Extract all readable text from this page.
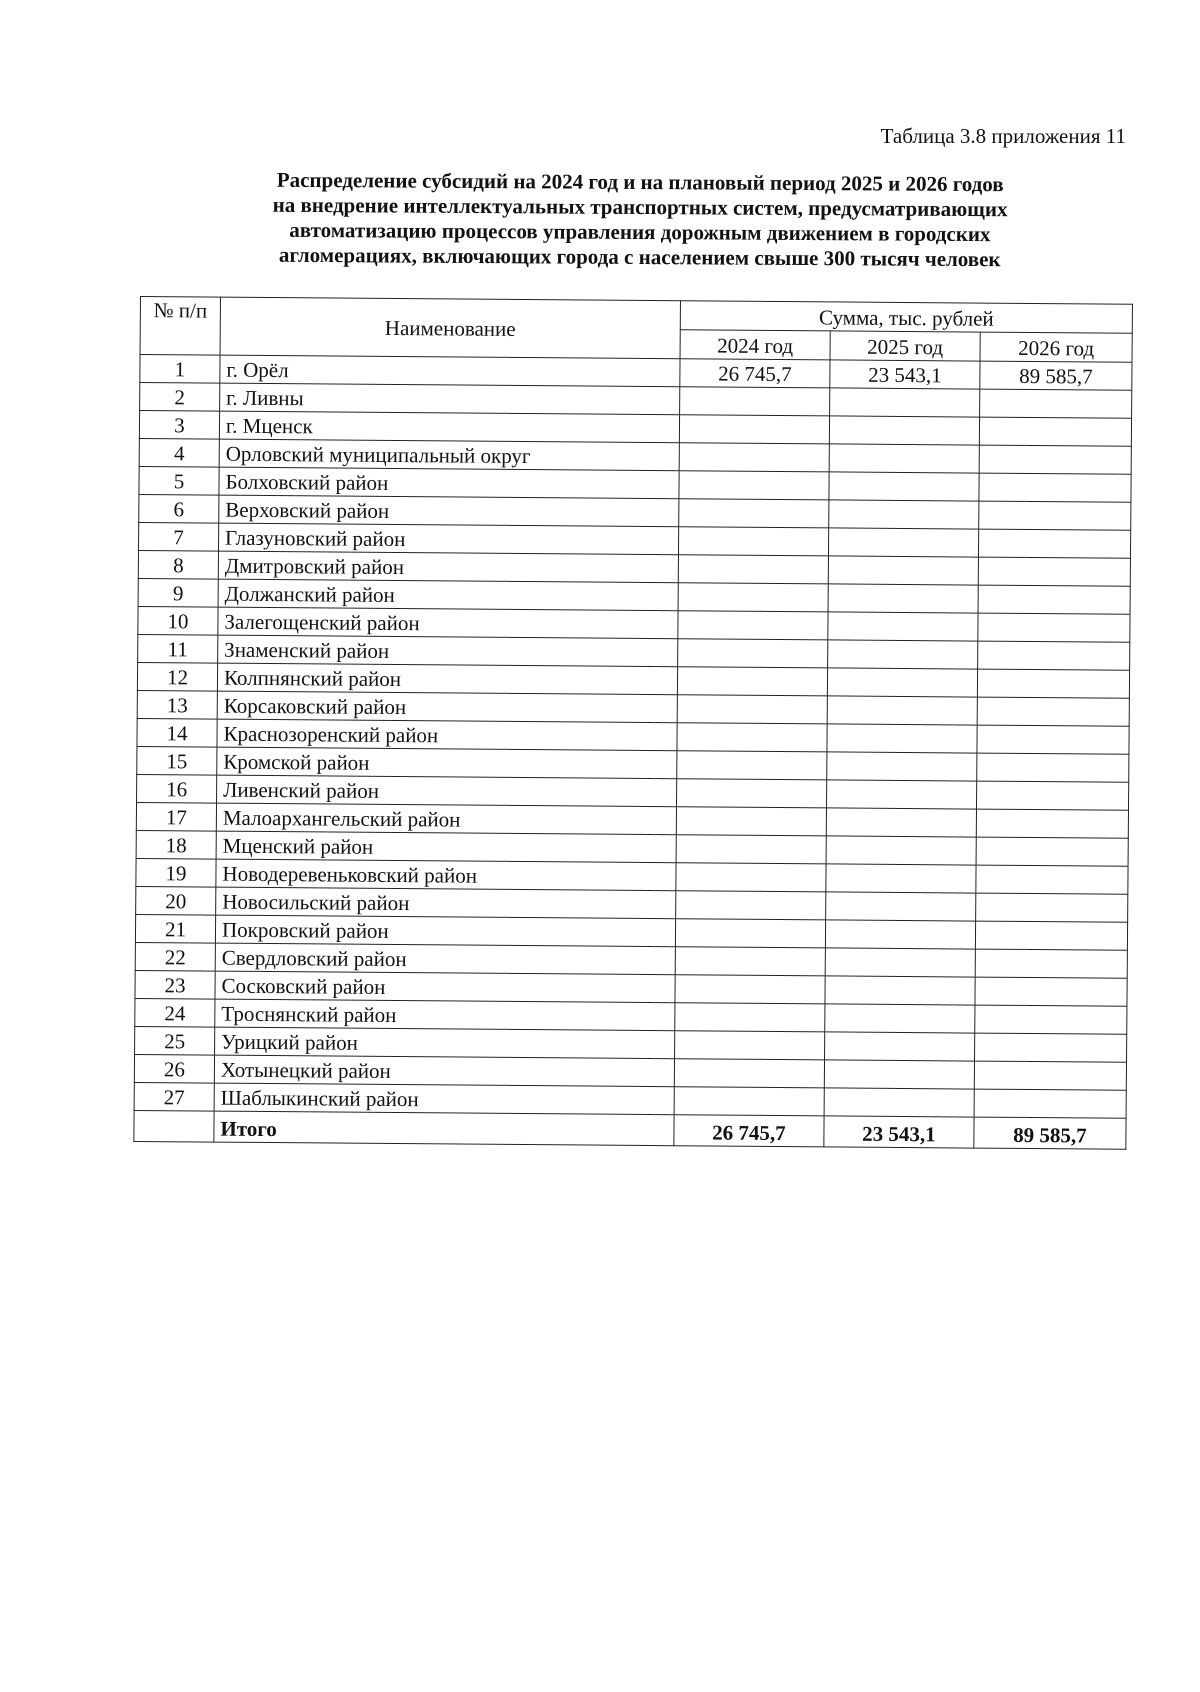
Таблица 3.8 приложения 11
Распределение субсидий на 2024 год и на плановый период 2025 и 2026 годов
на внедрение интеллектуальных транспортных систем, предусматривающих
автоматизацию процессов управления дорожным движением в городских
агломерациях, включающих города с населением свыше 300 тысяч человек
№ п/п	Наименование	Сумма, тыс. рублей		
		2024 год	2025 год	2026 год
1	г. Орёл	26 745,7	23 543,1	89 585,7
2	г. Ливны			
3	г. Мценск			
4	Орловский муниципальный округ			
5	Болховский район			
6	Верховский район			
7	Глазуновский район			
8	Дмитровский район			
9	Должанский район			
10	Залегощенский район			
11	Знаменский район			
12	Колпнянский район			
13	Корсаковский район			
14	Краснозоренский район			
15	Кромской район			
16	Ливенский район			
17	Малоархангельский район			
18	Мценский район			
19	Новодеревеньковский район			
20	Новосильский район			
21	Покровский район			
22	Свердловский район			
23	Сосковский район			
24	Троснянский район			
25	Урицкий район			
26	Хотынецкий район			
27	Шаблыкинский район			
	Итого	26 745,7	23 543,1	89 585,7
